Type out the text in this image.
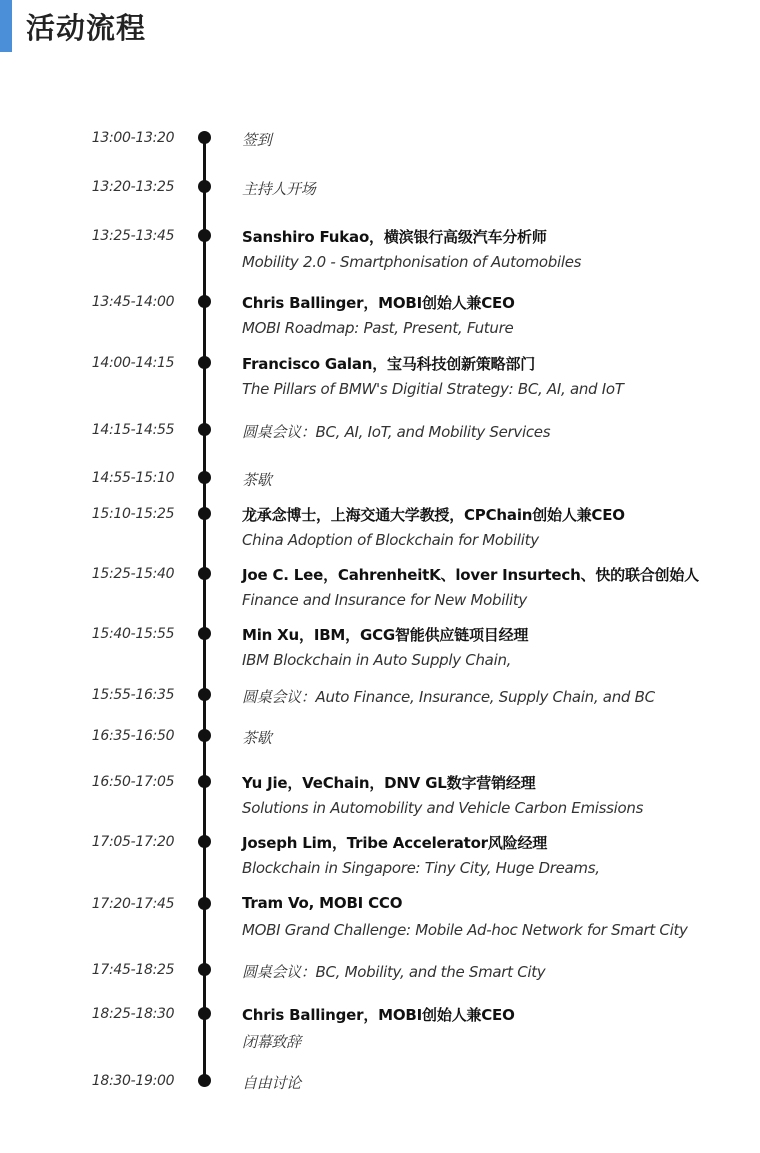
活动流程
13:00-13:20	签到
13:20-13:25	主持人开场
13:25-13:45	Sanshiro Fukao，横滨银行高级汽车分析师
Mobility 2.0 - Smartphonisation of Automobiles
13:45-14:00	Chris Ballinger，MOBI创始人兼CEO
MOBI Roadmap: Past, Present, Future
14:00-14:15	Francisco Galan，宝马科技创新策略部门
The Pillars of BMW's Digitial Strategy: BC, AI, and IoT
14:15-14:55	圆桌会议：BC, AI, IoT, and Mobility Services
14:55-15:10	茶歇
15:10-15:25	龙承念博士，上海交通大学教授，CPChain创始人兼CEO
China Adoption of Blockchain for Mobility
15:25-15:40	Joe C. Lee，CahrenheitK、lover Insurtech、快的联合创始人
Finance and Insurance for New Mobility
15:40-15:55	Min Xu，IBM，GCG智能供应链项目经理
IBM Blockchain in Auto Supply Chain,
15:55-16:35	圆桌会议：Auto Finance, Insurance, Supply Chain, and BC
16:35-16:50	茶歇
16:50-17:05	Yu Jie，VeChain，DNV GL数字营销经理
Solutions in Automobility and Vehicle Carbon Emissions
17:05-17:20	Joseph Lim，Tribe Accelerator风险经理
Blockchain in Singapore: Tiny City, Huge Dreams,
17:20-17:45	Tram Vo, MOBI CCO
MOBI Grand Challenge: Mobile Ad-hoc Network for Smart City
17:45-18:25	圆桌会议：BC, Mobility, and the Smart City
18:25-18:30	Chris Ballinger，MOBI创始人兼CEO
闭幕致辞
18:30-19:00	自由讨论
